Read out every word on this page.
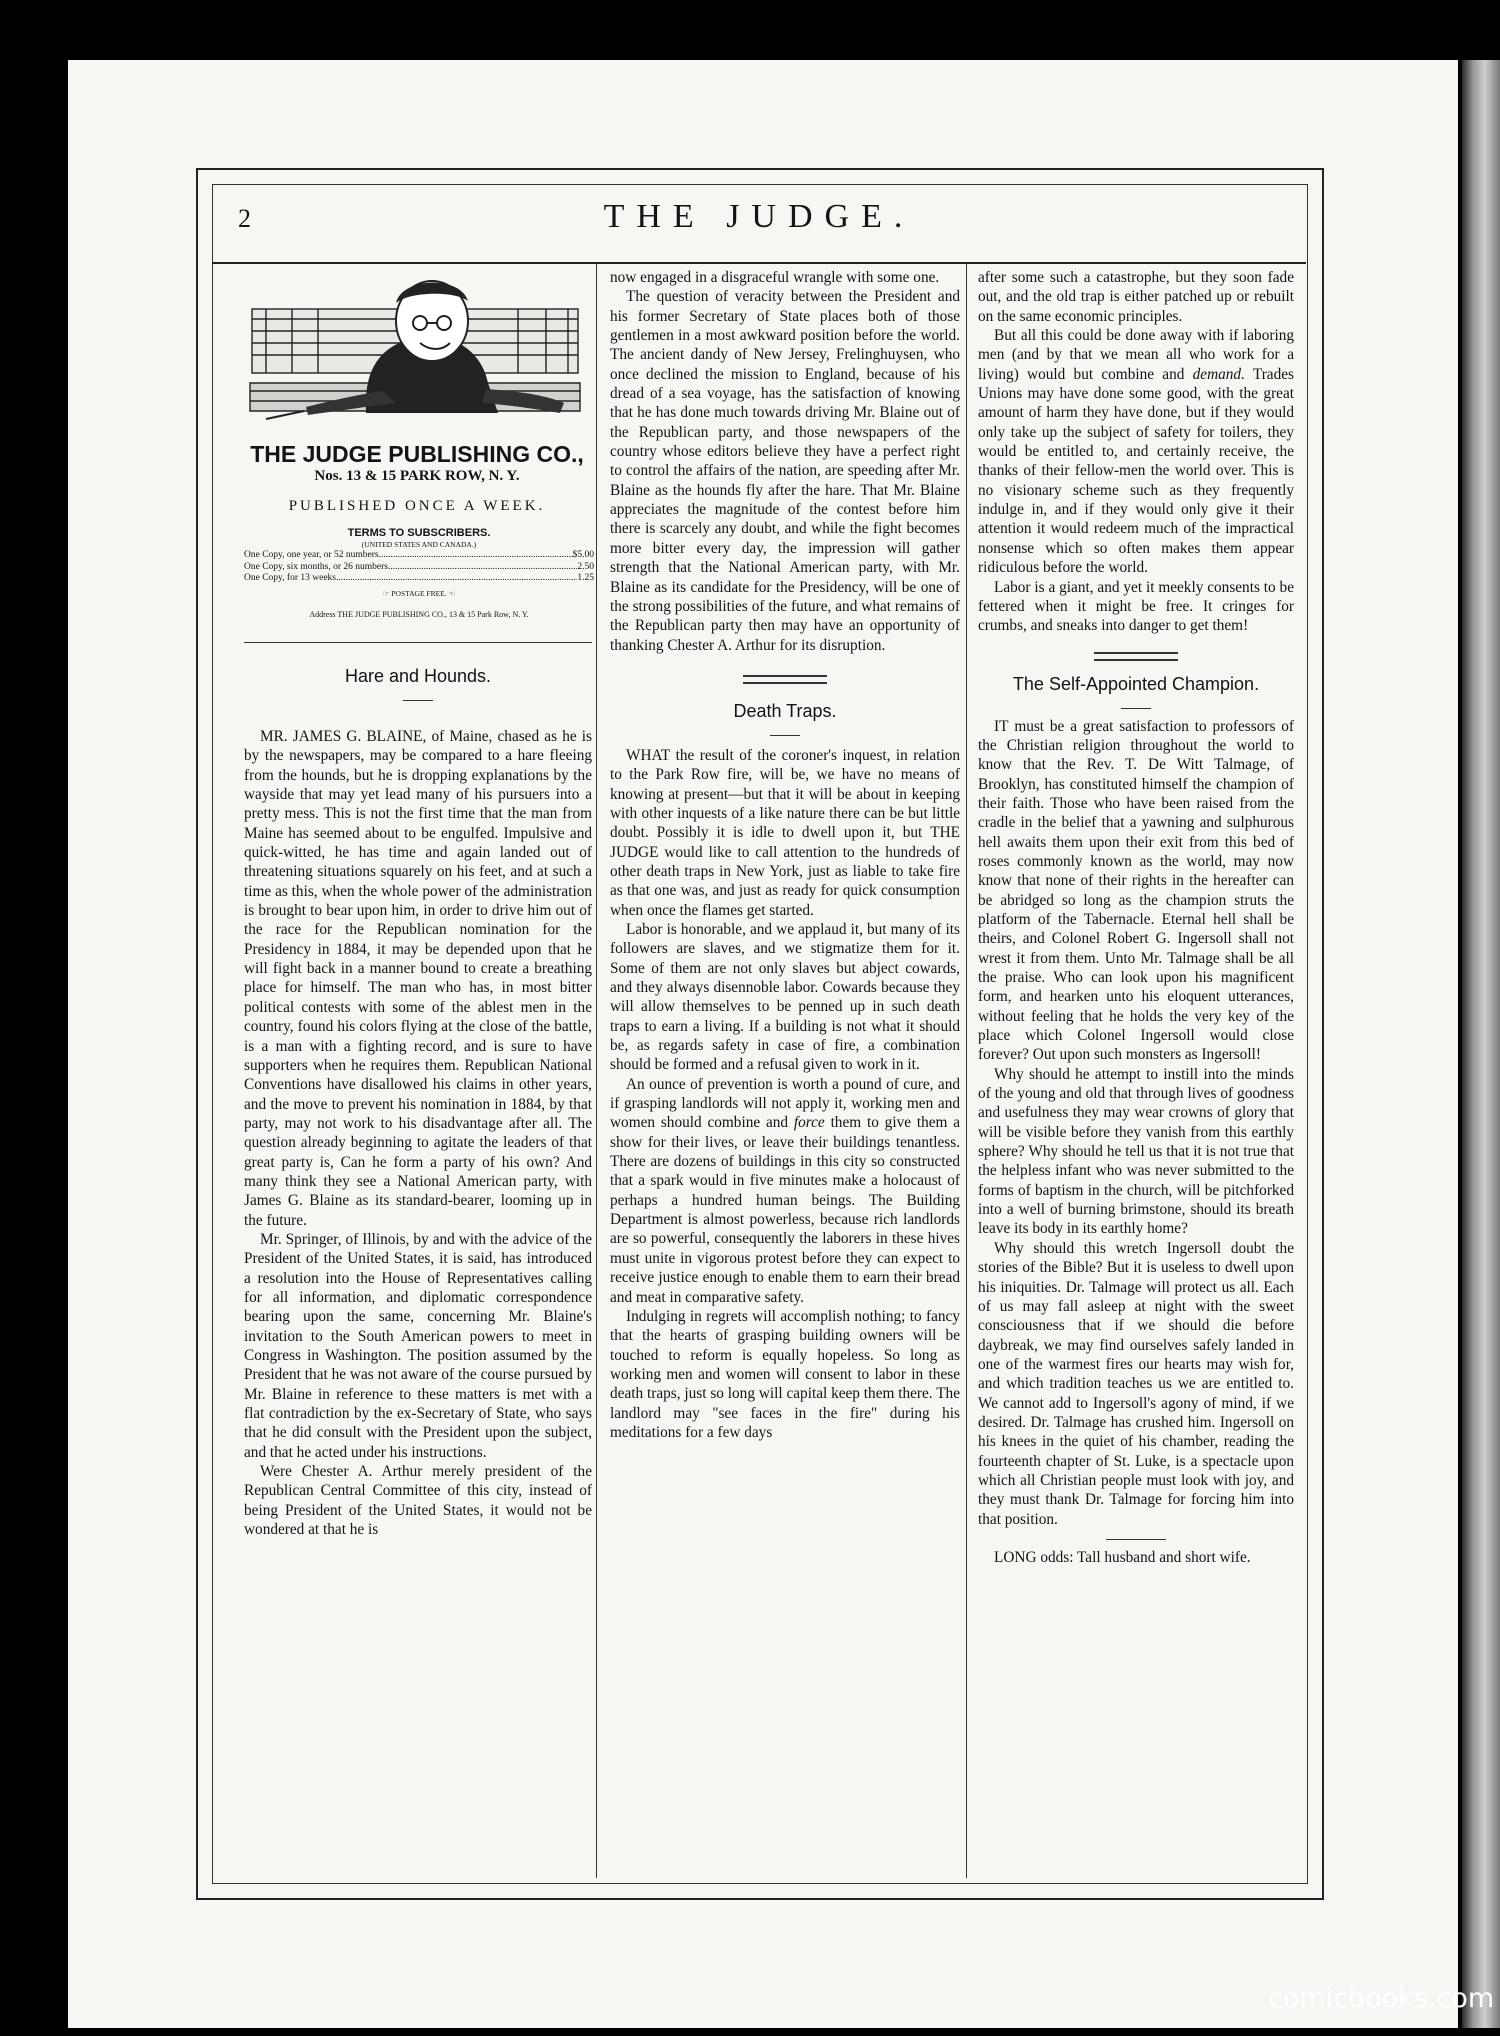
2	THE JUDGE.
THE JUDGE PUBLISHING CO.,
Nos. 13 & 15 PARK ROW, N. Y.
PUBLISHED ONCE A WEEK.
TERMS TO SUBSCRIBERS.
(UNITED STATES AND CANADA.)
One Copy, one year, or 52 numbers .....	$5.00
One Copy, six months, or 26 numbers .....	2.50
One Copy, for 13 weeks .....	1.25
☞ POSTAGE FREE. ☜
Address THE JUDGE PUBLISHING CO., 13 & 15 Park Row, N. Y.
Hare and Hounds.

MR. JAMES G. BLAINE, of Maine, chased as he is by the newspapers, may be compared to a hare fleeing from the hounds, but he is dropping explanations by the wayside that may yet lead many of his pursuers into a pretty mess. This is not the first time that the man from Maine has seemed about to be engulfed. Impulsive and quick-witted, he has time and again landed out of threatening situations squarely on his feet, and at such a time as this, when the whole power of the administration is brought to bear upon him, in order to drive him out of the race for the Republican nomination for the Presidency in 1884, it may be depended upon that he will fight back in a manner bound to create a breathing place for himself. The man who has, in most bitter political contests with some of the ablest men in the country, found his colors flying at the close of the battle, is a man with a fighting record, and is sure to have supporters when he requires them. Republican National Conventions have disallowed his claims in other years, and the move to prevent his nomination in 1884, by that party, may not work to his disadvantage after all. The question already beginning to agitate the leaders of that great party is, Can he form a party of his own? And many think they see a National American party, with James G. Blaine as its standard-bearer, looming up in the future.

Mr. Springer, of Illinois, by and with the advice of the President of the United States, it is said, has introduced a resolution into the House of Representatives calling for all information, and diplomatic correspondence bearing upon the same, concerning Mr. Blaine's invitation to the South American powers to meet in Congress in Washington. The position assumed by the President that he was not aware of the course pursued by Mr. Blaine in reference to these matters is met with a flat contradiction by the ex-Secretary of State, who says that he did consult with the President upon the subject, and that he acted under his instructions.

Were Chester A. Arthur merely president of the Republican Central Committee of this city, instead of being President of the United States, it would not be wondered at that he is

now engaged in a disgraceful wrangle with some one.

The question of veracity between the President and his former Secretary of State places both of those gentlemen in a most awkward position before the world. The ancient dandy of New Jersey, Frelinghuysen, who once declined the mission to England, because of his dread of a sea voyage, has the satisfaction of knowing that he has done much towards driving Mr. Blaine out of the Republican party, and those newspapers of the country whose editors believe they have a perfect right to control the affairs of the nation, are speeding after Mr. Blaine as the hounds fly after the hare. That Mr. Blaine appreciates the magnitude of the contest before him there is scarcely any doubt, and while the fight becomes more bitter every day, the impression will gather strength that the National American party, with Mr. Blaine as its candidate for the Presidency, will be one of the strong possibilities of the future, and what remains of the Republican party then may have an opportunity of thanking Chester A. Arthur for its disruption.

Death Traps.

WHAT the result of the coroner's inquest, in relation to the Park Row fire, will be, we have no means of knowing at present—but that it will be about in keeping with other inquests of a like nature there can be but little doubt. Possibly it is idle to dwell upon it, but THE JUDGE would like to call attention to the hundreds of other death traps in New York, just as liable to take fire as that one was, and just as ready for quick consumption when once the flames get started.

Labor is honorable, and we applaud it, but many of its followers are slaves, and we stigmatize them for it. Some of them are not only slaves but abject cowards, and they always disennoble labor. Cowards because they will allow themselves to be penned up in such death traps to earn a living. If a building is not what it should be, as regards safety in case of fire, a combination should be formed and a refusal given to work in it.

An ounce of prevention is worth a pound of cure, and if grasping landlords will not apply it, working men and women should combine and force them to give them a show for their lives, or leave their buildings tenantless. There are dozens of buildings in this city so constructed that a spark would in five minutes make a holocaust of perhaps a hundred human beings. The Building Department is almost powerless, because rich landlords are so powerful, consequently the laborers in these hives must unite in vigorous protest before they can expect to receive justice enough to enable them to earn their bread and meat in comparative safety.

Indulging in regrets will accomplish nothing; to fancy that the hearts of grasping building owners will be touched to reform is equally hopeless. So long as working men and women will consent to labor in these death traps, just so long will capital keep them there. The landlord may "see faces in the fire" during his meditations for a few days

after some such a catastrophe, but they soon fade out, and the old trap is either patched up or rebuilt on the same economic principles.

But all this could be done away with if laboring men (and by that we mean all who work for a living) would but combine and demand. Trades Unions may have done some good, with the great amount of harm they have done, but if they would only take up the subject of safety for toilers, they would be entitled to, and certainly receive, the thanks of their fellow-men the world over. This is no visionary scheme such as they frequently indulge in, and if they would only give it their attention it would redeem much of the impractical nonsense which so often makes them appear ridiculous before the world.

Labor is a giant, and yet it meekly consents to be fettered when it might be free. It cringes for crumbs, and sneaks into danger to get them!

The Self-Appointed Champion.

IT must be a great satisfaction to professors of the Christian religion throughout the world to know that the Rev. T. De Witt Talmage, of Brooklyn, has constituted himself the champion of their faith. Those who have been raised from the cradle in the belief that a yawning and sulphurous hell awaits them upon their exit from this bed of roses commonly known as the world, may now know that none of their rights in the hereafter can be abridged so long as the champion struts the platform of the Tabernacle. Eternal hell shall be theirs, and Colonel Robert G. Ingersoll shall not wrest it from them. Unto Mr. Talmage shall be all the praise. Who can look upon his magnificent form, and hearken unto his eloquent utterances, without feeling that he holds the very key of the place which Colonel Ingersoll would close forever? Out upon such monsters as Ingersoll!

Why should he attempt to instill into the minds of the young and old that through lives of goodness and usefulness they may wear crowns of glory that will be visible before they vanish from this earthly sphere? Why should he tell us that it is not true that the helpless infant who was never submitted to the forms of baptism in the church, will be pitchforked into a well of burning brimstone, should its breath leave its body in its earthly home?

Why should this wretch Ingersoll doubt the stories of the Bible? But it is useless to dwell upon his iniquities. Dr. Talmage will protect us all. Each of us may fall asleep at night with the sweet consciousness that if we should die before daybreak, we may find ourselves safely landed in one of the warmest fires our hearts may wish for, and which tradition teaches us we are entitled to. We cannot add to Ingersoll's agony of mind, if we desired. Dr. Talmage has crushed him. Ingersoll on his knees in the quiet of his chamber, reading the fourteenth chapter of St. Luke, is a spectacle upon which all Christian people must look with joy, and they must thank Dr. Talmage for forcing him into that position.

LONG odds: Tall husband and short wife.

comicbooks.com
